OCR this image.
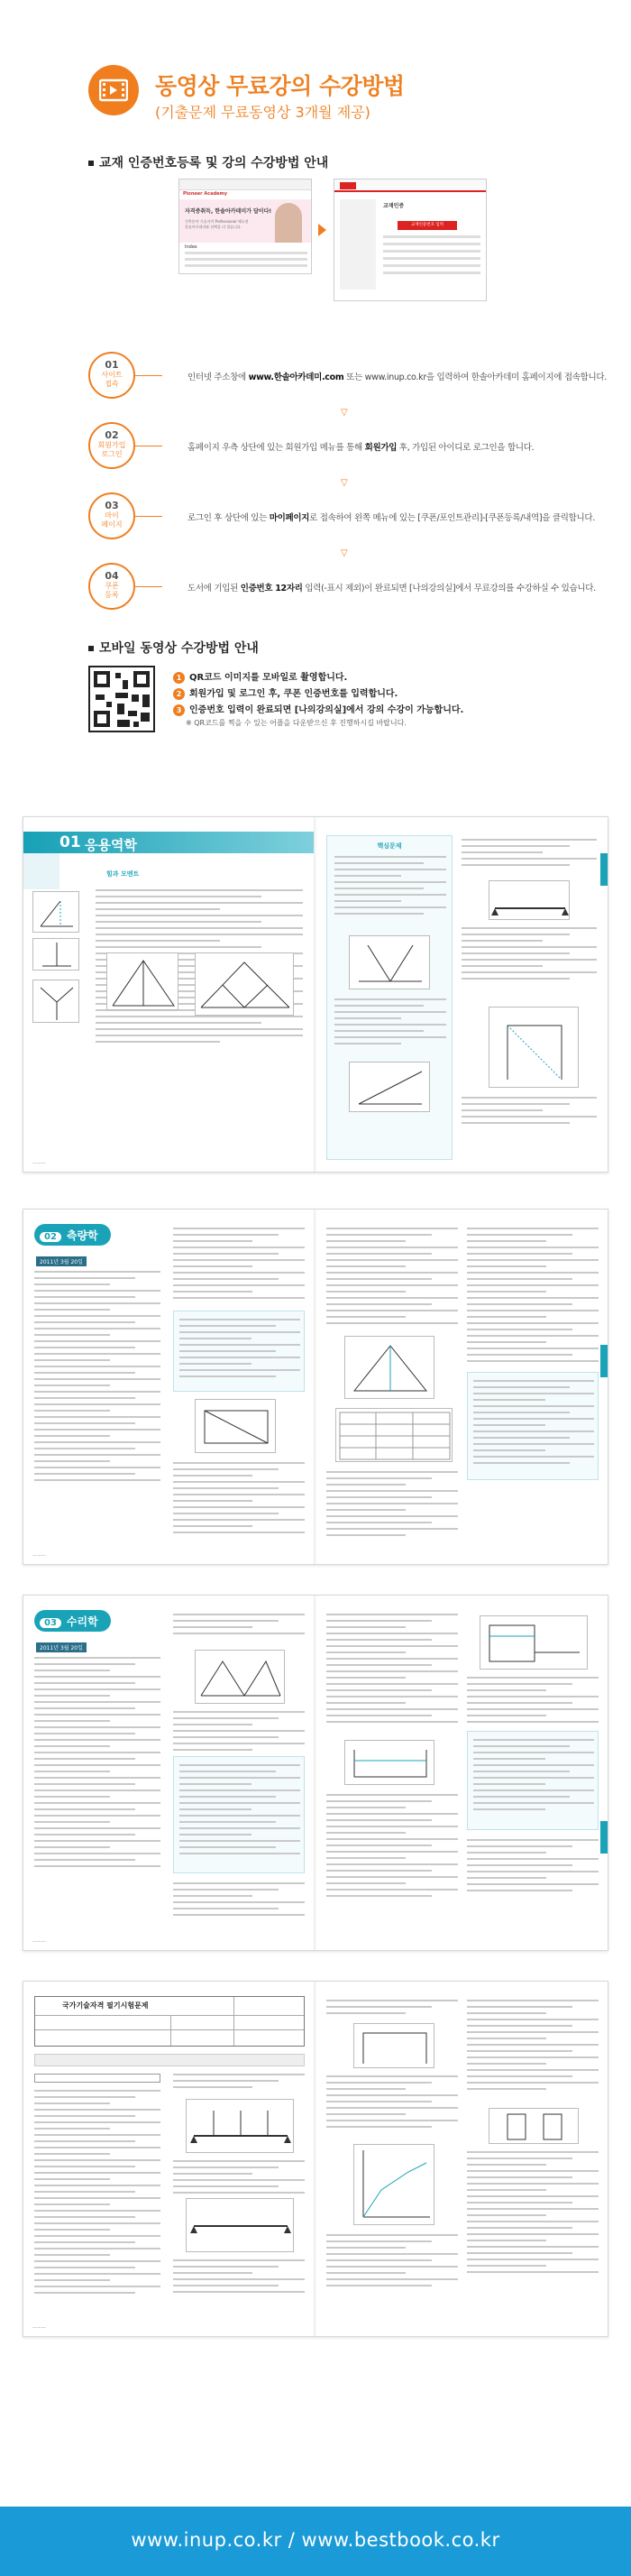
동영상 무료강의 수강방법
(기출문제 무료동영상 3개월 제공)
교재 인증번호등록 및 강의 수강방법 안내
Pioneer Academy
자격증취득, 한솔아카데미가 답이다!
건축분야 기술자격 Professional 에듀넷
한솔아카데미와 선택을 더 업습니다.
Index
교재인증
교재인증번호 입력
01
사이트
접속
인터넷 주소창에 www.한솔아카데미.com 또는 www.inup.co.kr을 입력하여 한솔아카데미 홈페이지에 접속합니다.
▽
02
회원가입
로그인
홈페이지 우측 상단에 있는 회원가입 메뉴를 통해 회원가입 후, 가입된 아이디로 로그인을 합니다.
▽
03
마이
페이지
로그인 후 상단에 있는 마이페이지로 접속하여 왼쪽 메뉴에 있는 [쿠폰/포인트관리]-[쿠폰등록/내역]을 클릭합니다.
▽
04
쿠폰
등록
도서에 기입된 인증번호 12자리 입력(-표시 제외)이 완료되면 [나의강의실]에서 무료강의를 수강하실 수 있습니다.
모바일 동영상 수강방법 안내
1 QR코드 이미지를 모바일로 촬영합니다.
2 회원가입 및 로그인 후, 쿠폰 인증번호를 입력합니다.
3 인증번호 입력이 완료되면 [나의강의실]에서 강의 수강이 가능합니다.
※ QR코드를 찍을 수 있는 어플을 다운받으신 후 진행하시길 바랍니다.
01 응용역학
힘과 모멘트
———
핵심문제
02 측량학
2011년 3월 20일
———
03 수리학
2011년 3월 20일
———
국가기술자격 필기시험문제
———
www.inup.co.kr / www.bestbook.co.kr
